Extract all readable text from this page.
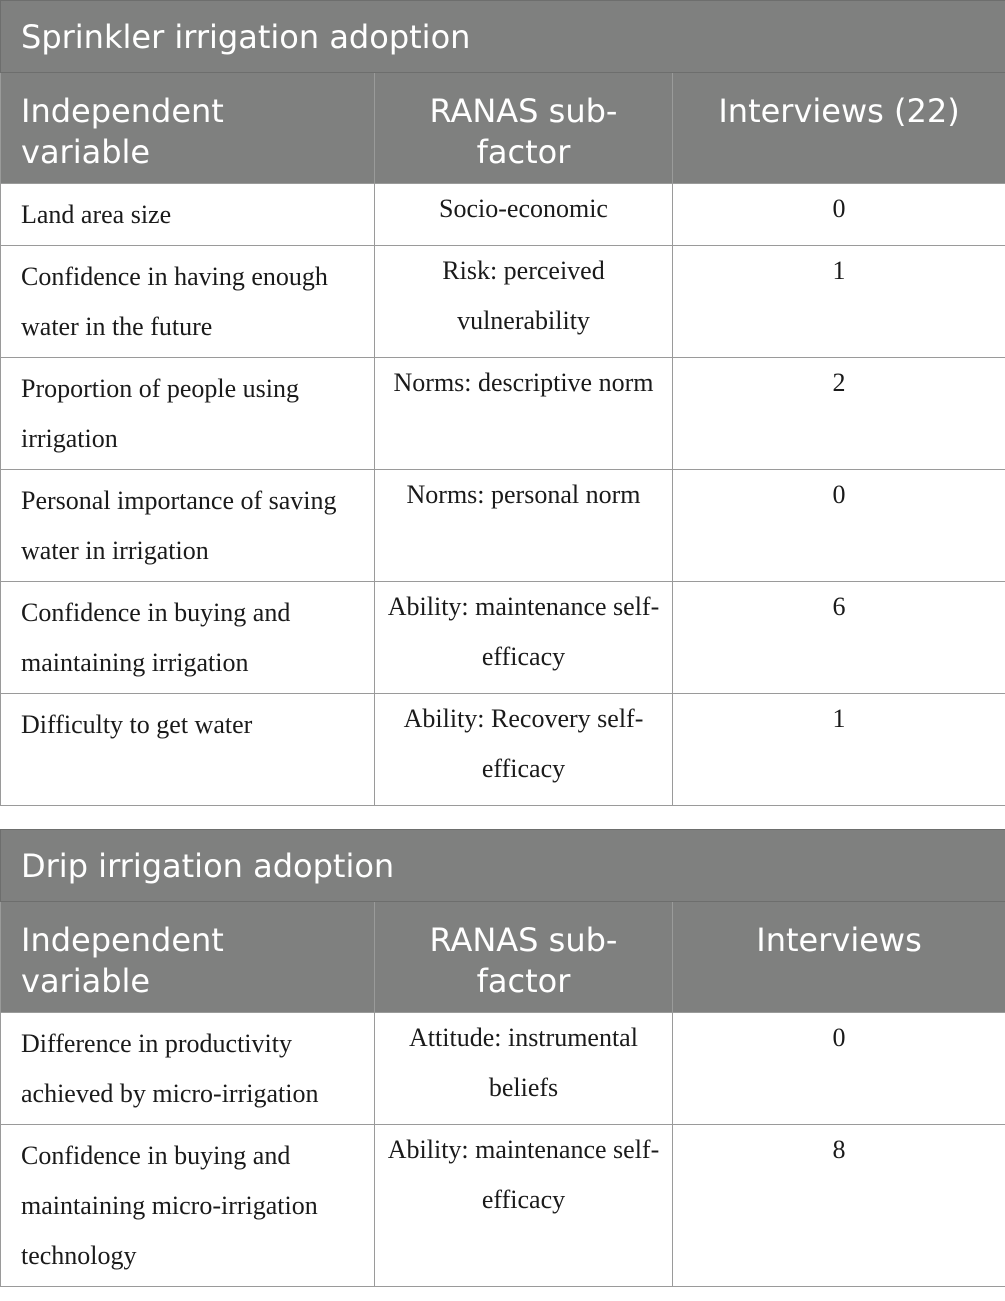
Sprinkler irrigation adoption		
Independent variable	RANAS sub-factor	Interviews (22)
Land area size	Socio-economic	0
Confidence in having enough water in the future	Risk: perceived vulnerability	1
Proportion of people using irrigation	Norms: descriptive norm	2
Personal importance of saving water in irrigation	Norms: personal norm	0
Confidence in buying and maintaining irrigation	Ability: maintenance self-efficacy	6
Difficulty to get water	Ability: Recovery self-efficacy	1
Drip irrigation adoption		
Independent variable	RANAS sub-factor	Interviews
Difference in productivity achieved by micro-irrigation	Attitude: instrumental beliefs	0
Confidence in buying and maintaining micro-irrigation technology	Ability: maintenance self-efficacy	8
